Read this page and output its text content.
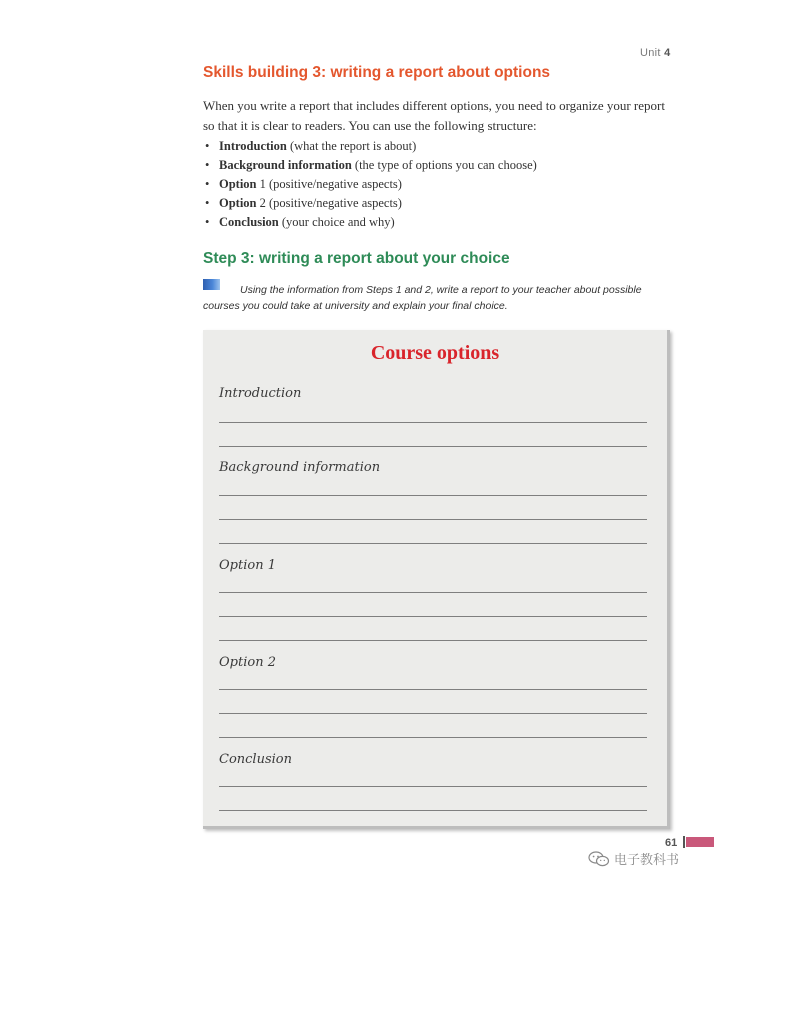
Unit 4
Skills building 3: writing a report about options
When you write a report that includes different options, you need to organize your report so that it is clear to readers. You can use the following structure:
• Introduction (what the report is about)
• Background information (the type of options you can choose)
• Option 1 (positive/negative aspects)
• Option 2 (positive/negative aspects)
• Conclusion (your choice and why)
Step 3: writing a report about your choice
Using the information from Steps 1 and 2, write a report to your teacher about possible courses you could take at university and explain your final choice.
Course options
Introduction
Background information
Option 1
Option 2
Conclusion
61
电子教科书
